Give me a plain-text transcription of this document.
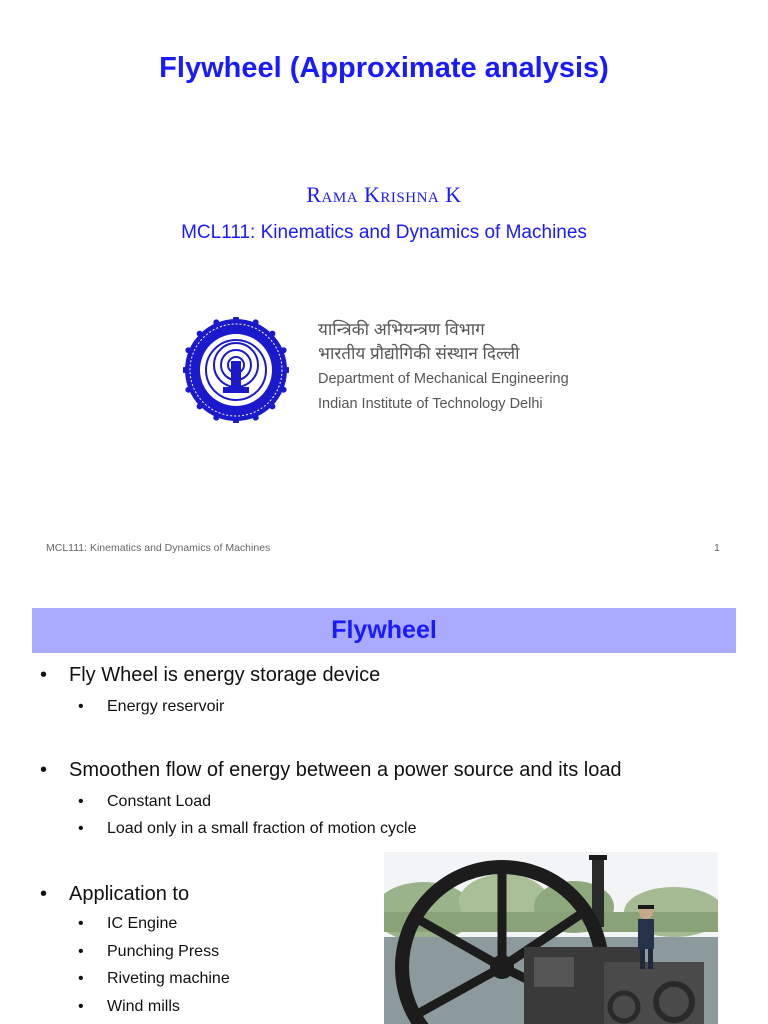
Flywheel (Approximate analysis)
Rama Krishna K
MCL111: Kinematics and Dynamics of Machines
यान्त्रिकी अभियन्त्रण विभाग
भारतीय प्रौद्योगिकी संस्थान दिल्ली
Department of Mechanical Engineering
Indian Institute of Technology Delhi
MCL111: Kinematics and Dynamics of Machines	1
Flywheel
• Fly Wheel is energy storage device
• Energy reservoir
• Smoothen flow of energy between a power source and its load
• Constant Load
• Load only in a small fraction of motion cycle
• Application to
• IC Engine
• Punching Press
• Riveting machine
• Wind mills
